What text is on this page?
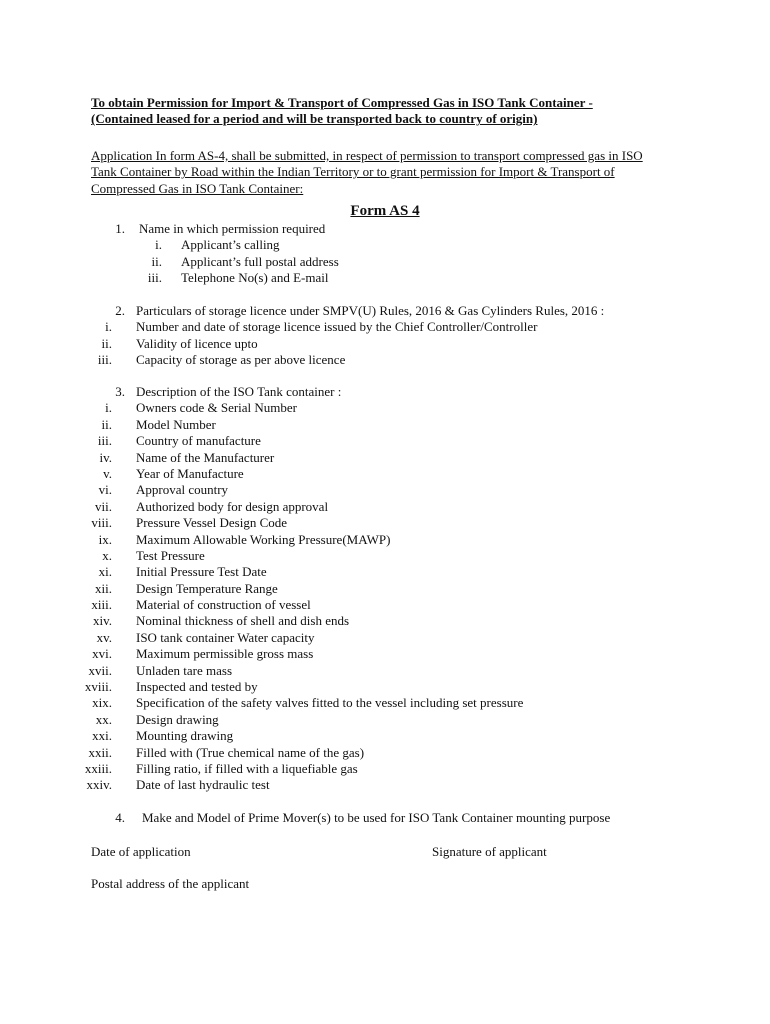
To obtain Permission for Import & Transport of Compressed Gas in ISO Tank Container -
(Contained leased for a period and will be transported back to country of origin)
Application In form AS-4, shall be submitted, in respect of permission to transport compressed gas in ISO
Tank Container by Road within the Indian Territory or to grant permission for Import & Transport of
Compressed Gas in ISO Tank Container:
Form AS 4
1. Name in which permission required
i. Applicant’s calling
ii. Applicant’s full postal address
iii. Telephone No(s) and E-mail
2. Particulars of storage licence under SMPV(U) Rules, 2016 & Gas Cylinders Rules, 2016 :
i. Number and date of storage licence issued by the Chief Controller/Controller
ii. Validity of licence upto
iii. Capacity of storage as per above licence
3. Description of the ISO Tank container :
i. Owners code & Serial Number
ii. Model Number
iii. Country of manufacture
iv. Name of the Manufacturer
v. Year of Manufacture
vi. Approval country
vii. Authorized body for design approval
viii. Pressure Vessel Design Code
ix. Maximum Allowable Working Pressure(MAWP)
x. Test Pressure
xi. Initial Pressure Test Date
xii. Design Temperature Range
xiii. Material of construction of vessel
xiv. Nominal thickness of shell and dish ends
xv. ISO tank container Water capacity
xvi. Maximum permissible gross mass
xvii. Unladen tare mass
xviii. Inspected and tested by
xix. Specification of the safety valves fitted to the vessel including set pressure
xx. Design drawing
xxi. Mounting drawing
xxii. Filled with (True chemical name of the gas)
xxiii. Filling ratio, if filled with a liquefiable gas
xxiv. Date of last hydraulic test
4. Make and Model of Prime Mover(s) to be used for ISO Tank Container mounting purpose
Date of application	Signature of applicant
Postal address of the applicant
